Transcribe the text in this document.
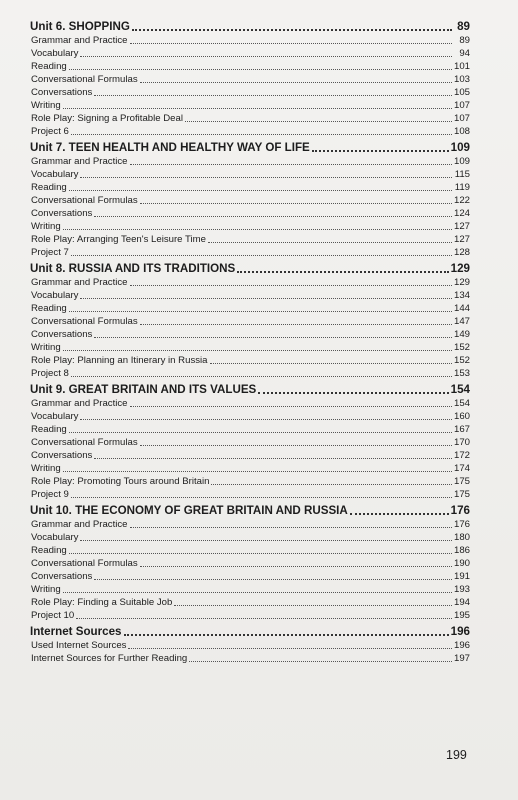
Unit 6. SHOPPING	89
Grammar and Practice	89
Vocabulary	94
Reading	101
Conversational Formulas	103
Conversations	105
Writing	107
Role Play: Signing a Profitable Deal	107
Project 6	108
Unit 7. TEEN HEALTH AND HEALTHY WAY OF LIFE	109
Grammar and Practice	109
Vocabulary	115
Reading	119
Conversational Formulas	122
Conversations	124
Writing	127
Role Play: Arranging Teen's Leisure Time	127
Project 7	128
Unit 8. RUSSIA AND ITS TRADITIONS	129
Grammar and Practice	129
Vocabulary	134
Reading	144
Conversational Formulas	147
Conversations	149
Writing	152
Role Play: Planning an Itinerary in Russia	152
Project 8	153
Unit 9. GREAT BRITAIN AND ITS VALUES	154
Grammar and Practice	154
Vocabulary	160
Reading	167
Conversational Formulas	170
Conversations	172
Writing	174
Role Play: Promoting Tours around Britain	175
Project 9	175
Unit 10. THE ECONOMY OF GREAT BRITAIN AND RUSSIA	176
Grammar and Practice	176
Vocabulary	180
Reading	186
Conversational Formulas	190
Conversations	191
Writing	193
Role Play: Finding a Suitable Job	194
Project 10	195
Internet Sources	196
Used Internet Sources	196
Internet Sources for Further Reading	197
199
